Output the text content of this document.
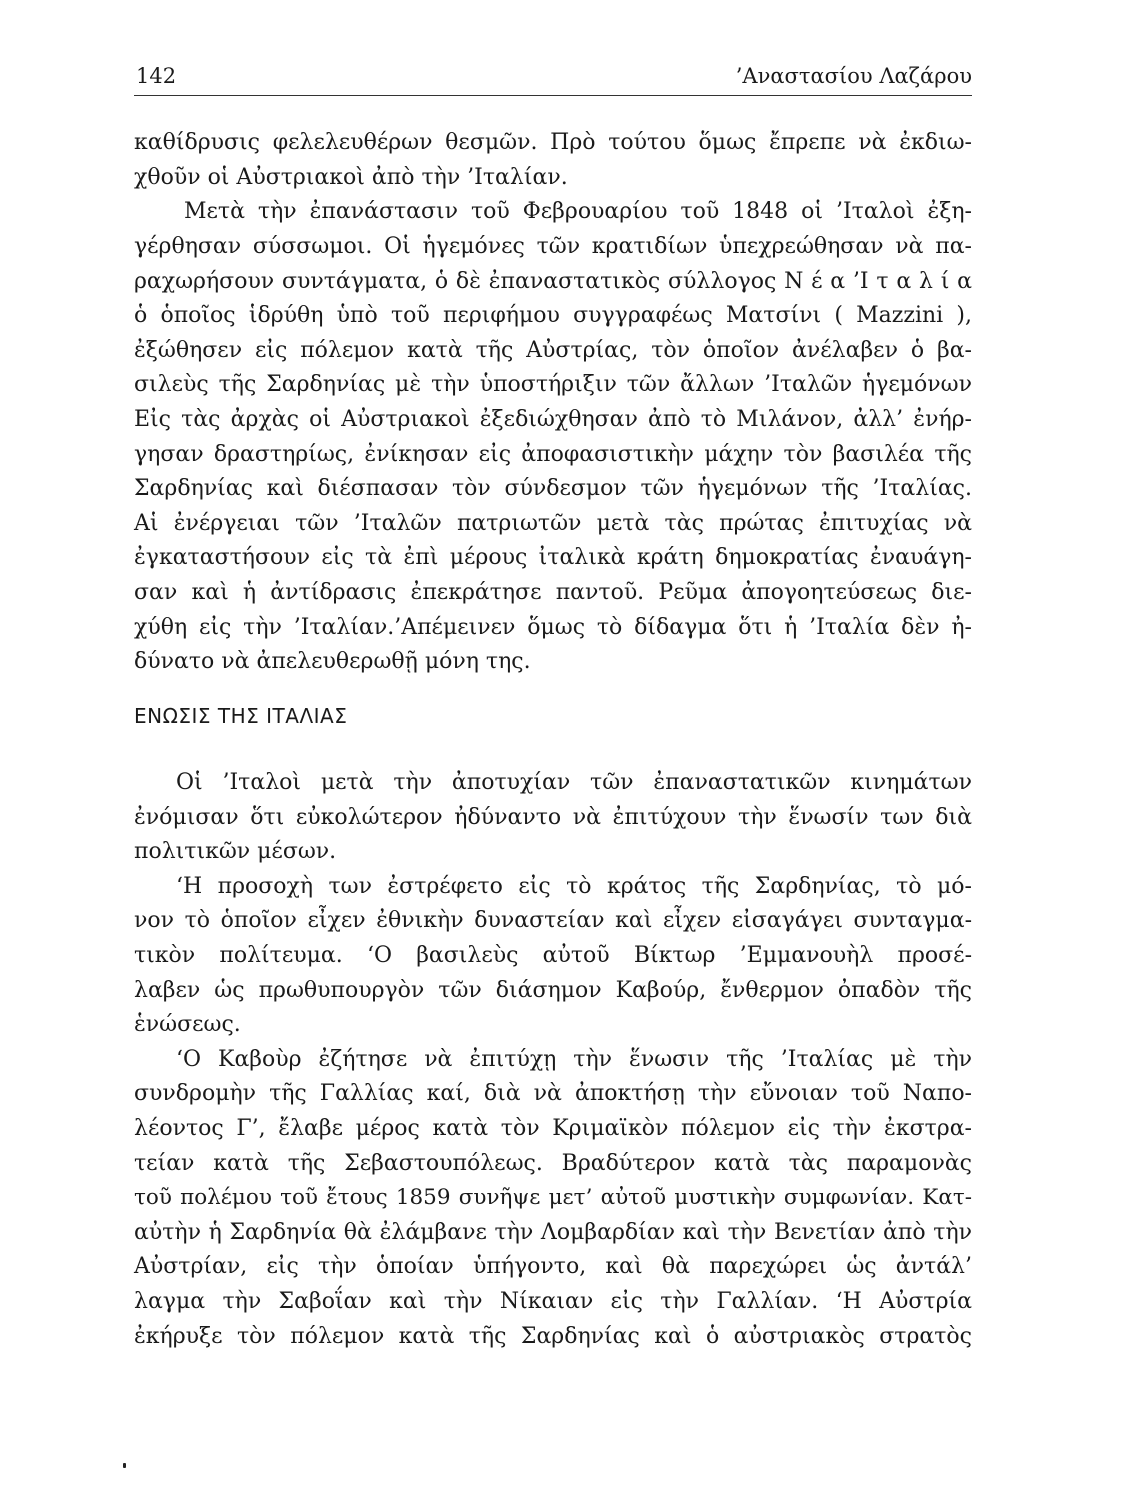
142	’Αναστασίου Λαζάρου
καθίδρυσις φελελευθέρων θεσμῶν. Πρὸ τούτου ὅμως ἔπρεπε νὰ ἐκδιω-
χθοῦν οἱ Αὐστριακοὶ ἀπὸ τὴν ’Ιταλίαν.
Μετὰ τὴν ἐπανάστασιν τοῦ Φεβρουαρίου τοῦ 1848 οἱ ’Ιταλοὶ ἐξη-
γέρθησαν σύσσωμοι. Οἱ ἡγεμόνες τῶν κρατιδίων ὑπεχρεώθησαν νὰ πα-
ραχωρήσουν συντάγματα, ὁ δὲ ἐπαναστατικὸς σύλλογος Ν έ α ’Ι τ α λ ί α
ὁ ὁποῖος ἱδρύθη ὑπὸ τοῦ περιφήμου συγγραφέως Ματσίνι ( Mazzini ),
ἐξώθησεν εἰς πόλεμον κατὰ τῆς Αὐστρίας, τὸν ὁποῖον ἀνέλαβεν ὁ βα-
σιλεὺς τῆς Σαρδηνίας μὲ τὴν ὑποστήριξιν τῶν ἄλλων ’Ιταλῶν ἡγεμόνων
Εἰς τὰς ἀρχὰς οἱ Αὐστριακοὶ ἐξεδιώχθησαν ἀπὸ τὸ Μιλάνον, ἀλλ’ ἐνήρ-
γησαν δραστηρίως, ἐνίκησαν εἰς ἀποφασιστικὴν μάχην τὸν βασιλέα τῆς
Σαρδηνίας καὶ διέσπασαν τὸν σύνδεσμον τῶν ἡγεμόνων τῆς ’Ιταλίας.
Αἱ ἐνέργειαι τῶν ’Ιταλῶν πατριωτῶν μετὰ τὰς πρώτας ἐπιτυχίας νὰ
ἐγκαταστήσουν εἰς τὰ ἐπὶ μέρους ἰταλικὰ κράτη δημοκρατίας ἐναυάγη-
σαν καὶ ἡ ἀντίδρασις ἐπεκράτησε παντοῦ. Ρεῦμα ἀπογοητεύσεως διε-
χύθη εἰς τὴν ’Ιταλίαν.’Απέμεινεν ὅμως τὸ δίδαγμα ὅτι ἡ ’Ιταλία δὲν ἠ-
δύνατο νὰ ἀπελευθερωθῇ μόνη της.
ΕΝΩΣΙΣ ΤΗΣ ΙΤΑΛΙΑΣ
Οἱ ’Ιταλοὶ μετὰ τὴν ἀποτυχίαν τῶν ἐπαναστατικῶν κινημάτων
ἐνόμισαν ὅτι εὐκολώτερον ἠδύναντο νὰ ἐπιτύχουν τὴν ἕνωσίν των διὰ
πολιτικῶν μέσων.
‘Η προσοχὴ των ἐστρέφετο εἰς τὸ κράτος τῆς Σαρδηνίας, τὸ μό-
νον τὸ ὁποῖον εἶχεν ἐθνικὴν δυναστείαν καὶ εἶχεν εἰσαγάγει συνταγμα-
τικὸν πολίτευμα. ‘Ο βασιλεὺς αὐτοῦ Βίκτωρ ’Εμμανουὴλ προσέ-
λαβεν ὡς πρωθυπουργὸν τῶν διάσημον Καβούρ, ἔνθερμον ὀπαδὸν τῆς
ἑνώσεως.
‘Ο Καβοὺρ ἐζήτησε νὰ ἐπιτύχῃ τὴν ἕνωσιν τῆς ’Ιταλίας μὲ τὴν
συνδρομὴν τῆς Γαλλίας καί, διὰ νὰ ἀποκτήσῃ τὴν εὔνοιαν τοῦ Ναπο-
λέοντος Γ’, ἔλαβε μέρος κατὰ τὸν Κριμαϊκὸν πόλεμον εἰς τὴν ἐκστρα-
τείαν κατὰ τῆς Σεβαστουπόλεως. Βραδύτερον κατὰ τὰς παραμονὰς
τοῦ πολέμου τοῦ ἔτους 1859 συνῆψε μετ’ αὐτοῦ μυστικὴν συμφωνίαν. Κατ-
αὐτὴν ἡ Σαρδηνία θὰ ἐλάμβανε τὴν Λομβαρδίαν καὶ τὴν Βενετίαν ἀπὸ τὴν
Αὐστρίαν, εἰς τὴν ὁποίαν ὑπήγοντο, καὶ θὰ παρεχώρει ὡς ἀντάλ’
λαγμα τὴν Σαβοΐαν καὶ τὴν Νίκαιαν εἰς τὴν Γαλλίαν. ‘Η Αὐστρία
ἐκήρυξε τὸν πόλεμον κατὰ τῆς Σαρδηνίας καὶ ὁ αὐστριακὸς στρατὸς
